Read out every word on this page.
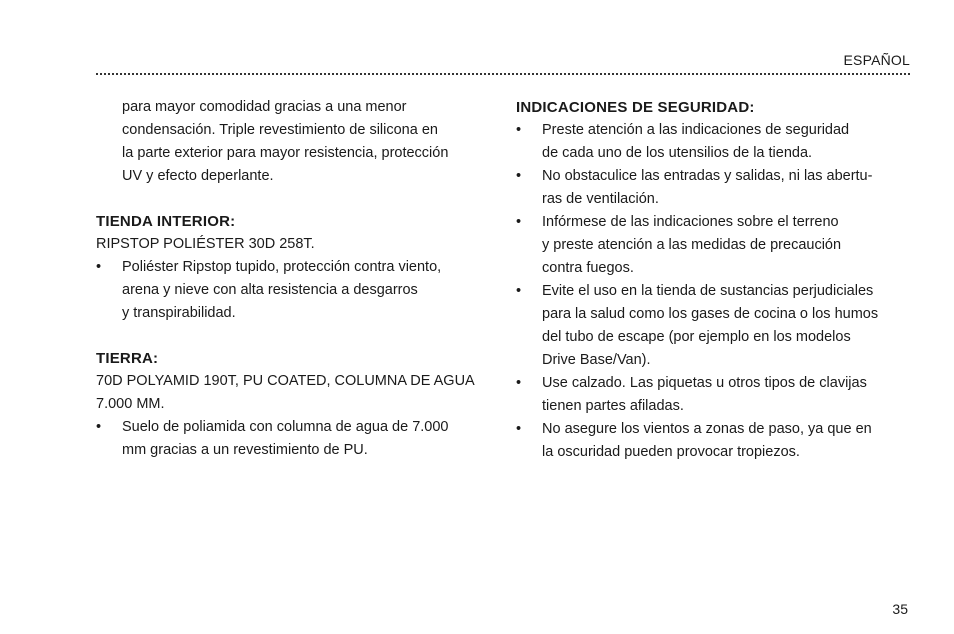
ESPAÑOL
para mayor comodidad gracias a una menor
condensación. Triple revestimiento de silicona en
la parte exterior para mayor resistencia, protección
UV y efecto deperlante.
TIENDA INTERIOR:
RIPSTOP POLIÉSTER 30D 258T.
• Poliéster Ripstop tupido, protección contra viento,
arena y nieve con alta resistencia a desgarros
y transpirabilidad.
TIERRA:
70D POLYAMID 190T, PU COATED, COLUMNA DE AGUA
7.000 MM.
• Suelo de poliamida con columna de agua de 7.000
mm gracias a un revestimiento de PU.
INDICACIONES DE SEGURIDAD:
• Preste atención a las indicaciones de seguridad
de cada uno de los utensilios de la tienda.
• No obstaculice las entradas y salidas, ni las abertu-
ras de ventilación.
• Infórmese de las indicaciones sobre el terreno
y preste atención a las medidas de precaución
contra fuegos.
• Evite el uso en la tienda de sustancias perjudiciales
para la salud como los gases de cocina o los humos
del tubo de escape (por ejemplo en los modelos
Drive Base/Van).
• Use calzado. Las piquetas u otros tipos de clavijas
tienen partes afiladas.
• No asegure los vientos a zonas de paso, ya que en
la oscuridad pueden provocar tropiezos.
35
